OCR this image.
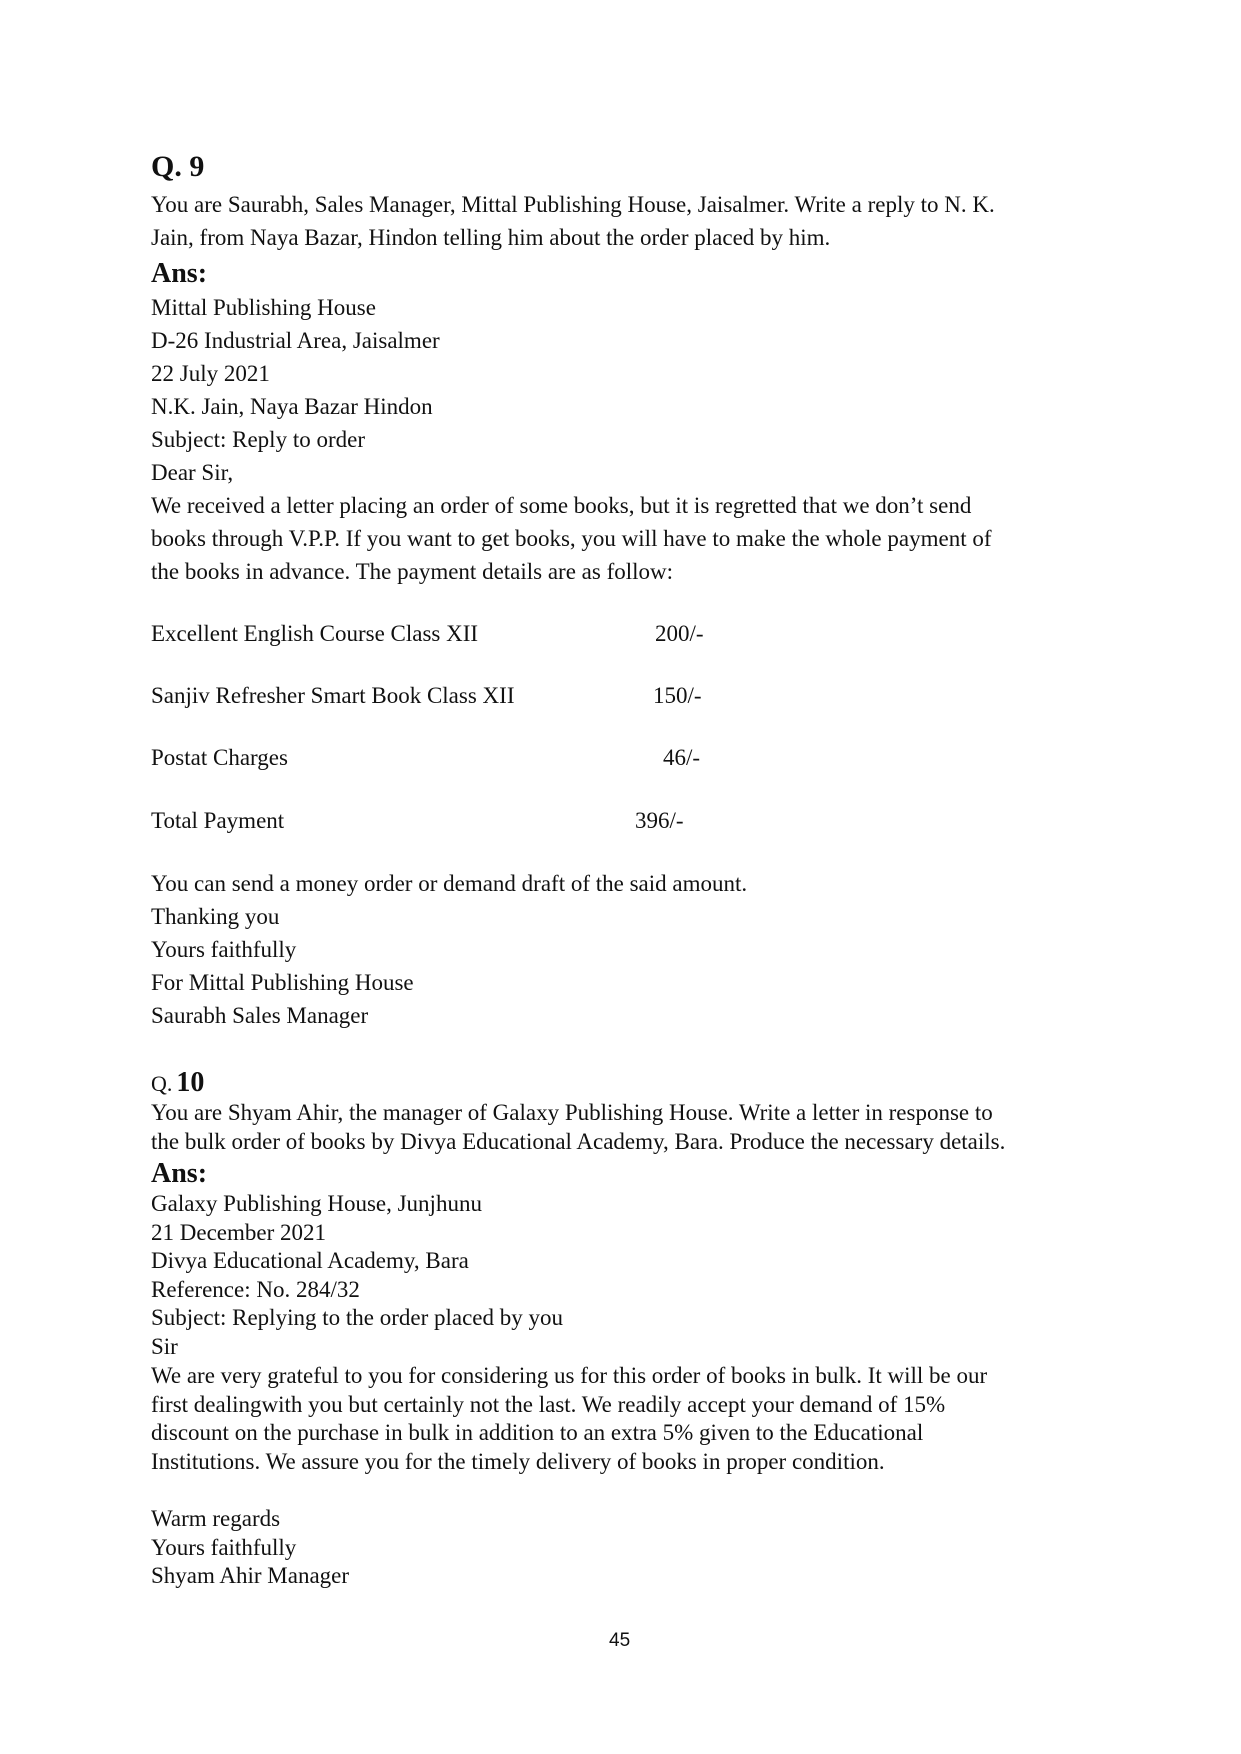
Q. 9
You are Saurabh, Sales Manager, Mittal Publishing House, Jaisalmer. Write a reply to N. K.
Jain, from Naya Bazar, Hindon telling him about the order placed by him.
Ans:
Mittal Publishing House
D-26 Industrial Area, Jaisalmer
22 July 2021
N.K. Jain, Naya Bazar Hindon
Subject: Reply to order
Dear Sir,
We received a letter placing an order of some books, but it is regretted that we don’t send
books through V.P.P. If you want to get books, you will have to make the whole payment of
the books in advance. The payment details are as follow:
Excellent English Course Class XII	200/-
Sanjiv Refresher Smart Book Class XII	150/-
Postat Charges	46/-
Total Payment	396/-
You can send a money order or demand draft of the said amount.
Thanking you
Yours faithfully
For Mittal Publishing House
Saurabh Sales Manager
Q. 10
You are Shyam Ahir, the manager of Galaxy Publishing House. Write a letter in response to
the bulk order of books by Divya Educational Academy, Bara. Produce the necessary details.
Ans:
Galaxy Publishing House, Junjhunu
21 December 2021
Divya Educational Academy, Bara
Reference: No. 284/32
Subject: Replying to the order placed by you
Sir
We are very grateful to you for considering us for this order of books in bulk. It will be our
first dealingwith you but certainly not the last. We readily accept your demand of 15%
discount on the purchase in bulk in addition to an extra 5% given to the Educational
Institutions. We assure you for the timely delivery of books in proper condition.
Warm regards
Yours faithfully
Shyam Ahir Manager
45
